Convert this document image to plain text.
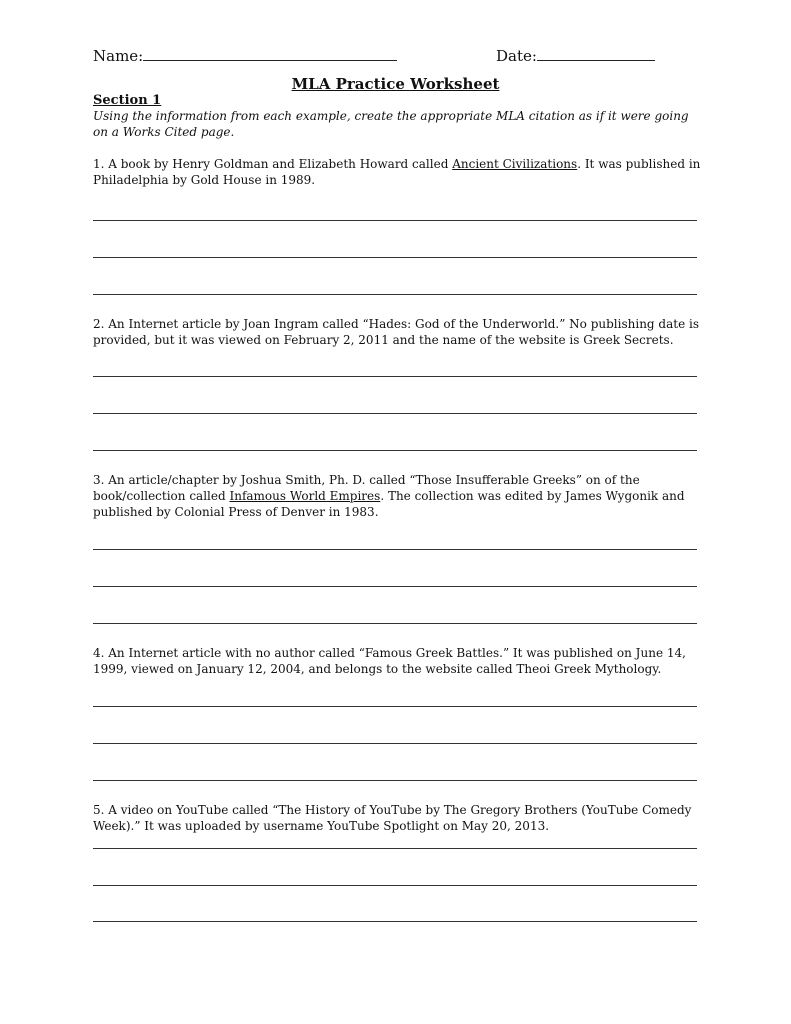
Name:	Date:
MLA Practice Worksheet
Section 1
Using the information from each example, create the appropriate MLA citation as if it were going on a Works Cited page.
1. A book by Henry Goldman and Elizabeth Howard called Ancient Civilizations. It was published in Philadelphia by Gold House in 1989.
2. An Internet article by Joan Ingram called “Hades: God of the Underworld.” No publishing date is provided, but it was viewed on February 2, 2011 and the name of the website is Greek Secrets.
3. An article/chapter by Joshua Smith, Ph. D. called “Those Insufferable Greeks” on of the book/collection called Infamous World Empires. The collection was edited by James Wygonik and published by Colonial Press of Denver in 1983.
4. An Internet article with no author called “Famous Greek Battles.” It was published on June 14, 1999, viewed on January 12, 2004, and belongs to the website called Theoi Greek Mythology.
5. A video on YouTube called “The History of YouTube by The Gregory Brothers (YouTube Comedy Week).” It was uploaded by username YouTube Spotlight on May 20, 2013.
